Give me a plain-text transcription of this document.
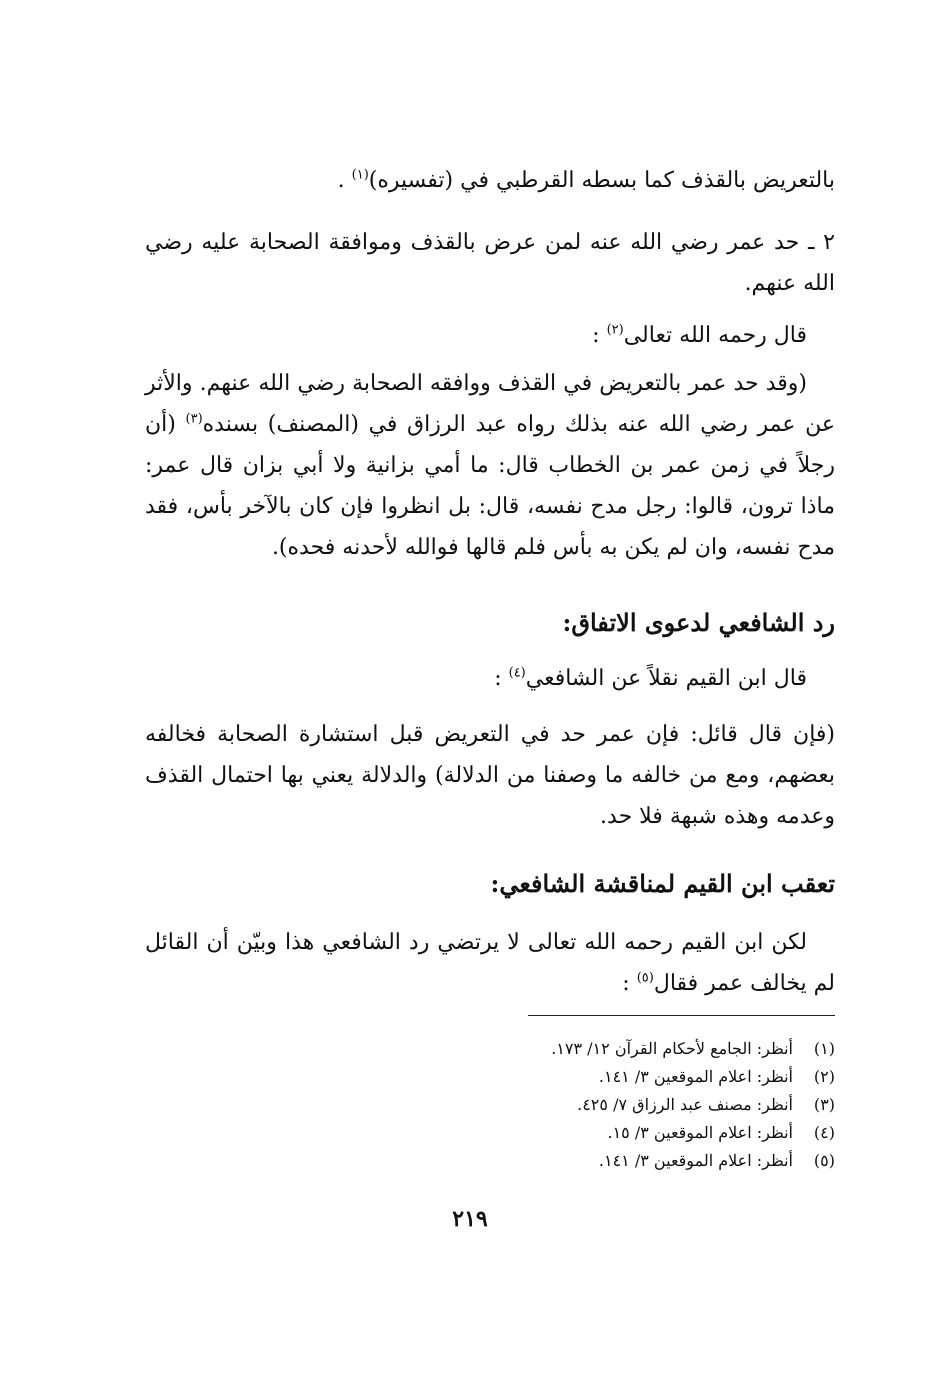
بالتعريض بالقذف كما بسطه القرطبي في (تفسيره)$^{(١)}$ .

٢ ـ حد عمر رضي الله عنه لمن عرض بالقذف وموافقة الصحابة عليه رضي الله عنهم.

قال رحمه الله تعالى$^{(٢)}$ :

(وقد حد عمر بالتعريض في القذف ووافقه الصحابة رضي الله عنهم. والأثر عن عمر رضي الله عنه بذلك رواه عبد الرزاق في (المصنف) بسنده$^{(٣)}$ (أن رجلاً في زمن عمر بن الخطاب قال: ما أمي بزانية ولا أبي بزان قال عمر: ماذا ترون، قالوا: رجل مدح نفسه، قال: بل انظروا فإن كان بالآخر بأس، فقد مدح نفسه، وان لم يكن به بأس فلم قالها فوالله لأحدنه فحده).

رد الشافعي لدعوى الاتفاق:

قال ابن القيم نقلاً عن الشافعي$^{(٤)}$ :

(فإن قال قائل: فإن عمر حد في التعريض قبل استشارة الصحابة فخالفه بعضهم، ومع من خالفه ما وصفنا من الدلالة) والدلالة يعني بها احتمال القذف وعدمه وهذه شبهة فلا حد.

تعقب ابن القيم لمناقشة الشافعي:

لكن ابن القيم رحمه الله تعالى لا يرتضي رد الشافعي هذا وبيّن أن القائل لم يخالف عمر فقال$^{(٥)}$ :

(١)أنظر: الجامع لأحكام القرآن ١٢/ ١٧٣.
(٢)أنظر: اعلام الموقعين ٣/ ١٤١.
(٣)أنظر: مصنف عبد الرزاق ٧/ ٤٢٥.
(٤)أنظر: اعلام الموقعين ٣/ ١٥.
(٥)أنظر: اعلام الموقعين ٣/ ١٤١.
٢١٩
